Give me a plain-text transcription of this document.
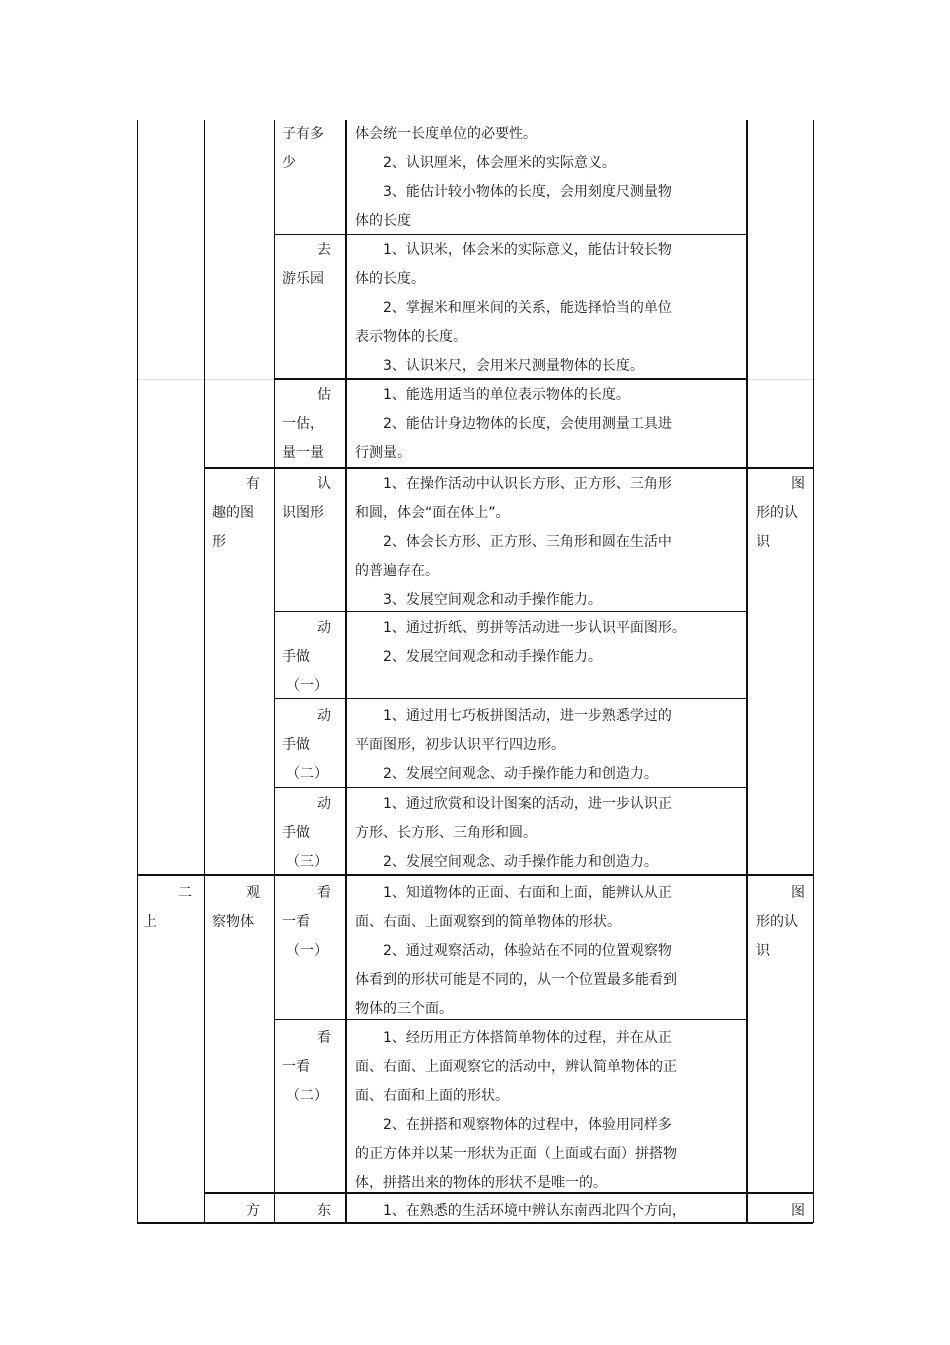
子有多
少
体会统一长度单位的必要性。
　　2、认识厘米，体会厘米的实际意义。
　　3、能估计较小物体的长度，会用刻度尺测量物
体的长度
去
游乐园
　　1、认识米，体会米的实际意义，能估计较长物
体的长度。
　　2、掌握米和厘米间的关系，能选择恰当的单位
表示物体的长度。
　　3、认识米尺，会用米尺测量物体的长度。
估
一估，
量一量
　　1、能选用适当的单位表示物体的长度。
　　2、能估计身边物体的长度，会使用测量工具进
行测量。
有
趣的图
形
认
识图形
　　1、在操作活动中认识长方形、正方形、三角形
和圆，体会“面在体上”。
　　2、体会长方形、正方形、三角形和圆在生活中
的普遍存在。
　　3、发展空间观念和动手操作能力。
图
形的认
识
动
手做
（一）
　　1、通过折纸、剪拼等活动进一步认识平面图形。
　　2、发展空间观念和动手操作能力。
动
手做
（二）
　　1、通过用七巧板拼图活动，进一步熟悉学过的
平面图形，初步认识平行四边形。
　　2、发展空间观念、动手操作能力和创造力。
动
手做
（三）
　　1、通过欣赏和设计图案的活动，进一步认识正
方形、长方形、三角形和圆。
　　2、发展空间观念、动手操作能力和创造力。
二
上
观
察物体
看
一看
（一）
　　1、知道物体的正面、右面和上面，能辨认从正
面、右面、上面观察到的简单物体的形状。
　　2、通过观察活动，体验站在不同的位置观察物
体看到的形状可能是不同的，从一个位置最多能看到
物体的三个面。
图
形的认
识
看
一看
（二）
　　1、经历用正方体搭简单物体的过程，并在从正
面、右面、上面观察它的活动中，辨认简单物体的正
面、右面和上面的形状。
　　2、在拼搭和观察物体的过程中，体验用同样多
的正方体并以某一形状为正面（上面或右面）拼搭物
体，拼搭出来的物体的形状不是唯一的。
方	东 　　1、在熟悉的生活环境中辨认东南西北四个方向，	图
